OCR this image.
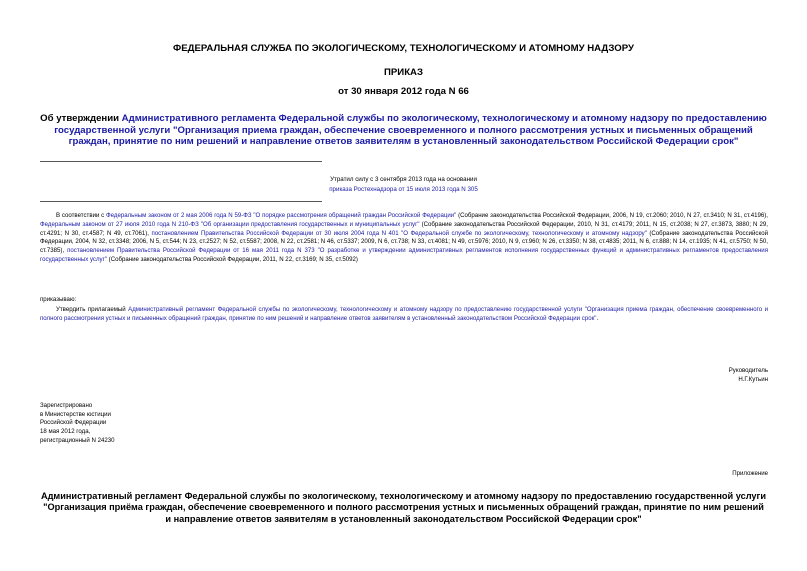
ФЕДЕРАЛЬНАЯ СЛУЖБА ПО ЭКОЛОГИЧЕСКОМУ, ТЕХНОЛОГИЧЕСКОМУ И АТОМНОМУ НАДЗОРУ
ПРИКАЗ
от 30 января 2012 года N 66
Об утверждении Административного регламента Федеральной службы по экологическому, технологическому и атомному надзору по предоставлению государственной услуги "Организация приема граждан, обеспечение своевременного и полного рассмотрения устных и письменных обращений граждан, принятие по ним решений и направление ответов заявителям в установленный законодательством Российской Федерации срок"
Утратил силу с 3 сентября 2013 года на основании
приказа Ростехнадзора от 15 июля 2013 года N 305
В соответствии с Федеральным законом от 2 мая 2006 года N 59-ФЗ "О порядке рассмотрения обращений граждан Российской Федерации" (Собрание законодательства Российской Федерации, 2006, N 19, ст.2060; 2010, N 27, ст.3410; N 31, ст.4196), Федеральным законом от 27 июля 2010 года N 210-ФЗ "Об организации предоставления государственных и муниципальных услуг" (Собрание законодательства Российской Федерации, 2010, N 31, ст.4179; 2011, N 15, ст.2038; N 27, ст.3873, 3880; N 29, ст.4291; N 30, ст.4587; N 49, ст.7061), постановлением Правительства Российской Федерации от 30 июля 2004 года N 401 "О Федеральной службе по экологическому, технологическому и атомному надзору" (Собрание законодательства Российской Федерации, 2004, N 32, ст.3348; 2006, N 5, ст.544; N 23, ст.2527; N 52, ст.5587; 2008, N 22, ст.2581; N 46, ст.5337; 2009, N 6, ст.738; N 33, ст.4081; N 49, ст.5976; 2010, N 9, ст.960; N 26, ст.3350; N 38, ст.4835; 2011, N 6, ст.888; N 14, ст.1935; N 41, ст.5750; N 50, ст.7385), постановлением Правительства Российской Федерации от 16 мая 2011 года N 373 "О разработке и утверждении административных регламентов исполнения государственных функций и административных регламентов предоставления государственных услуг" (Собрание законодательства Российской Федерации, 2011, N 22, ст.3169; N 35, ст.5092)
приказываю:
Утвердить прилагаемый Административный регламент Федеральной службы по экологическому, технологическому и атомному надзору по предоставлению государственной услуги "Организация приема граждан, обеспечение своевременного и полного рассмотрения устных и письменных обращений граждан, принятие по ним решений и направление ответов заявителям в установленный законодательством Российской Федерации срок".
Руководитель
Н.Г.Кутьин
Зарегистрировано
в Министерстве юстиции
Российской Федерации
18 мая 2012 года,
регистрационный N 24230
Приложение
Административный регламент Федеральной службы по экологическому, технологическому и атомному надзору по предоставлению государственной услуги "Организация приёма граждан, обеспечение своевременного и полного рассмотрения устных и письменных обращений граждан, принятие по ним решений и направление ответов заявителям в установленный законодательством Российской Федерации срок"
